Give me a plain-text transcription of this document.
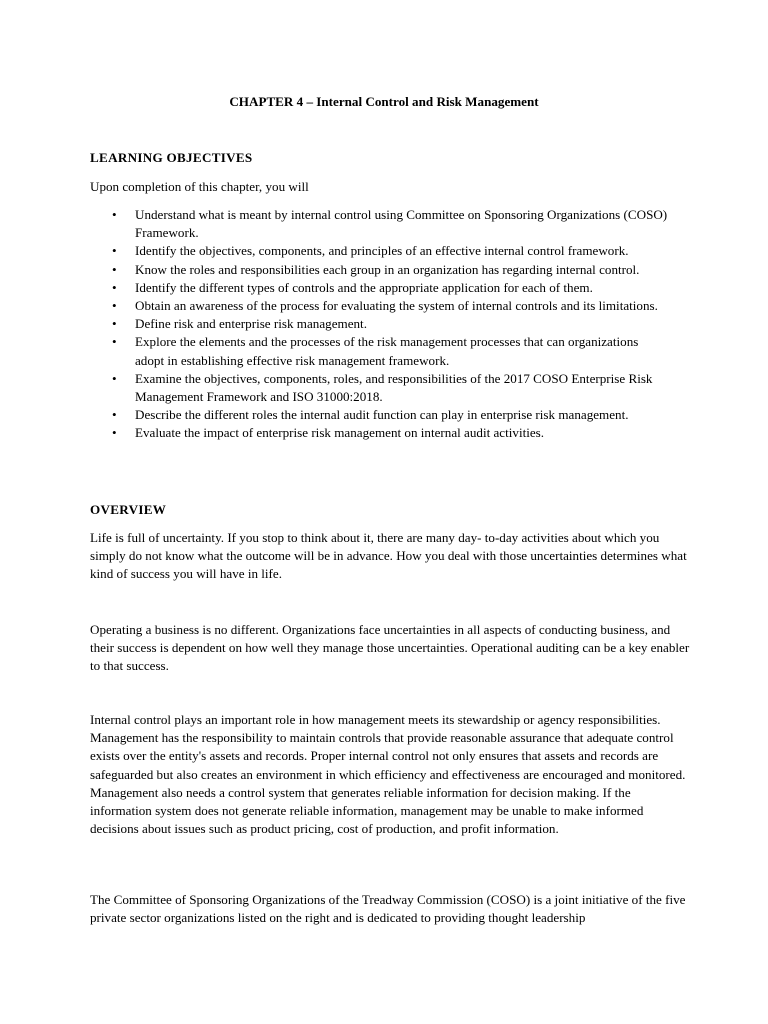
CHAPTER 4 – Internal Control and Risk Management
LEARNING OBJECTIVES

Upon completion of this chapter, you will

• Understand what is meant by internal control using Committee on Sponsoring Organizations (COSO) Framework.
• Identify the objectives, components, and principles of an effective internal control framework.
• Know the roles and responsibilities each group in an organization has regarding internal control.
• Identify the different types of controls and the appropriate application for each of them.
• Obtain an awareness of the process for evaluating the system of internal controls and its limitations.
• Define risk and enterprise risk management.
• Explore the elements and the processes of the risk management processes that can organizations adopt in establishing effective risk management framework.
• Examine the objectives, components, roles, and responsibilities of the 2017 COSO Enterprise Risk Management Framework and ISO 31000:2018.
• Describe the different roles the internal audit function can play in enterprise risk management.
• Evaluate the impact of enterprise risk management on internal audit activities.
OVERVIEW

Life is full of uncertainty. If you stop to think about it, there are many day- to-day activities about which you simply do not know what the outcome will be in advance. How you deal with those uncertainties determines what kind of success you will have in life.

Operating a business is no different. Organizations face uncertainties in all aspects of conducting business, and their success is dependent on how well they manage those uncertainties. Operational auditing can be a key enabler to that success.

Internal control plays an important role in how management meets its stewardship or agency responsibilities. Management has the responsibility to maintain controls that provide reasonable assurance that adequate control exists over the entity's assets and records. Proper internal control not only ensures that assets and records are safeguarded but also creates an environment in which efficiency and effectiveness are encouraged and monitored. Management also needs a control system that generates reliable information for decision making. If the information system does not generate reliable information, management may be unable to make informed decisions about issues such as product pricing, cost of production, and profit information.

The Committee of Sponsoring Organizations of the Treadway Commission (COSO) is a joint initiative of the five private sector organizations listed on the right and is dedicated to providing thought leadership
